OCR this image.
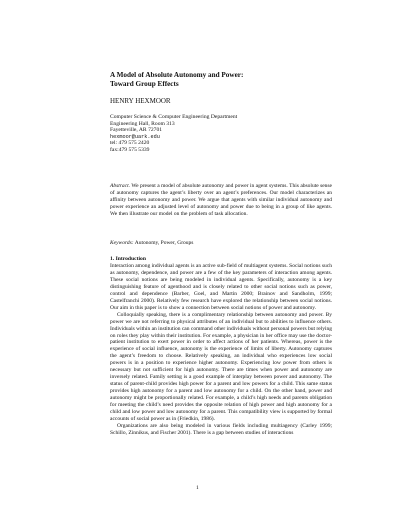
A Model of Absolute Autonomy and Power:
Toward Group Effects
HENRY HEXMOOR
Computer Science & Computer Engineering Department
Engineering Hall, Room 313
Fayetteville, AR 72701
hexmoor@uark.edu
tel: 479 575 2420
fax:479 575 5339

Abstract. We present a model of absolute autonomy and power in agent systems. This absolute sense of autonomy captures the agent’s liberty over an agent’s preferences. Our model characterizes an affinity between autonomy and power. We argue that agents with similar individual autonomy and power experience an adjusted level of autonomy and power due to being in a group of like agents. We then illustrate our model on the problem of task allocation.

Keywords: Autonomy, Power, Groups

1. Introduction

Interaction among individual agents is an active sub-field of multiagent systems. Social notions such as autonomy, dependence, and power are a few of the key parameters of interaction among agents. These social notions are being modeled in individual agents. Specifically, autonomy is a key distinguishing feature of agenthood and is closely related to other social notions such as power, control and dependence (Barber, Goel, and Martin 2000; Brainov and Sandholm, 1999; Castelfranchi 2000). Relatively few research have explored the relationship between social notions. Our aim in this paper is to show a connection between social notions of power and autonomy.

Colloquially speaking, there is a complimentary relationship between autonomy and power. By power we are not referring to physical attributes of an individual but to abilities to influence others. Individuals within an institution can command other individuals without personal powers but relying on roles they play within their institution. For example, a physician in her office may use the doctor-patient institution to exert power in order to affect actions of her patients. Whereas, power is the experience of social influence, autonomy is the experience of limits of liberty. Autonomy captures the agent’s freedom to choose. Relatively speaking, an individual who experiences low social powers is in a position to experience higher autonomy. Experiencing low power from others is necessary but not sufficient for high autonomy. There are times when power and autonomy are inversely related. Family setting is a good example of interplay between power and autonomy. The status of parent-child provides high power for a parent and low powers for a child. This same status provides high autonomy for a parent and low autonomy for a child. On the other hand, power and autonomy might be proportionally related. For example, a child’s high needs and parents obligation for meeting the child’s need provides the opposite relation of high power and high autonomy for a child and low power and low autonomy for a parent. This compatibility view is supported by formal accounts of social power as in (Friedkin, 1986).

Organizations are also being modeled in various fields including multiagency (Carley 1999; Schillo, Zinnikus, and Fischer 2001). There is a gap between studies of interactions

1
